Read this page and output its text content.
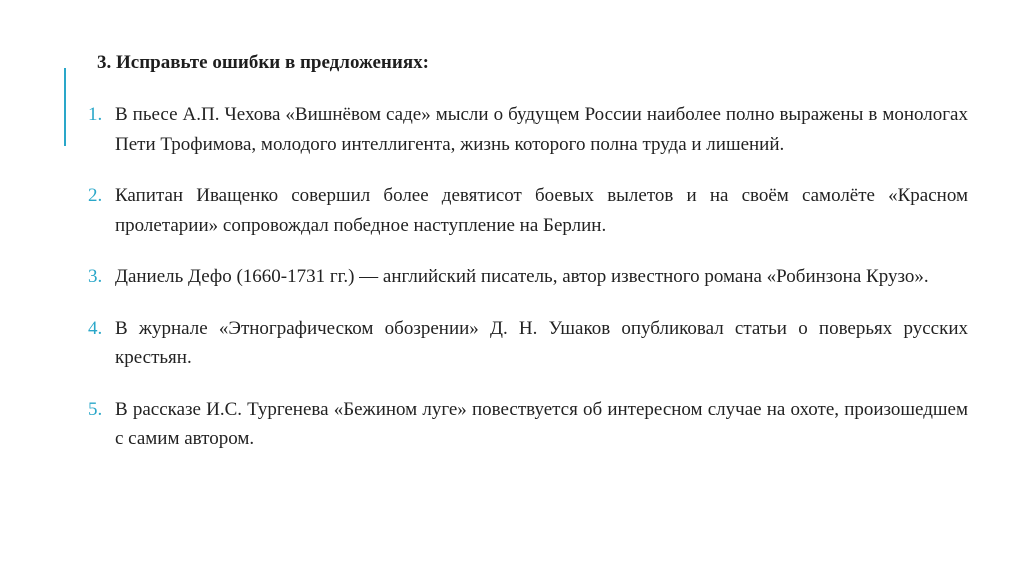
3. Исправьте ошибки в предложениях:
1. В пьесе А.П. Чехова «Вишнёвом саде» мысли о будущем России наиболее полно выражены в монологах Пети Трофимова, молодого интеллигента, жизнь которого полна труда и лишений.
2. Капитан Иващенко совершил более девятисот боевых вылетов и на своём самолёте «Красном пролетарии» сопровождал победное наступление на Берлин.
3. Даниель Дефо (1660-1731 гг.) — английский писатель, автор известного романа «Робинзона Крузо».
4. В журнале «Этнографическом обозрении» Д. Н. Ушаков опубликовал статьи о поверьях русских крестьян.
5. В рассказе И.С. Тургенева «Бежином луге» повествуется об интересном случае на охоте, произошедшем с самим автором.
